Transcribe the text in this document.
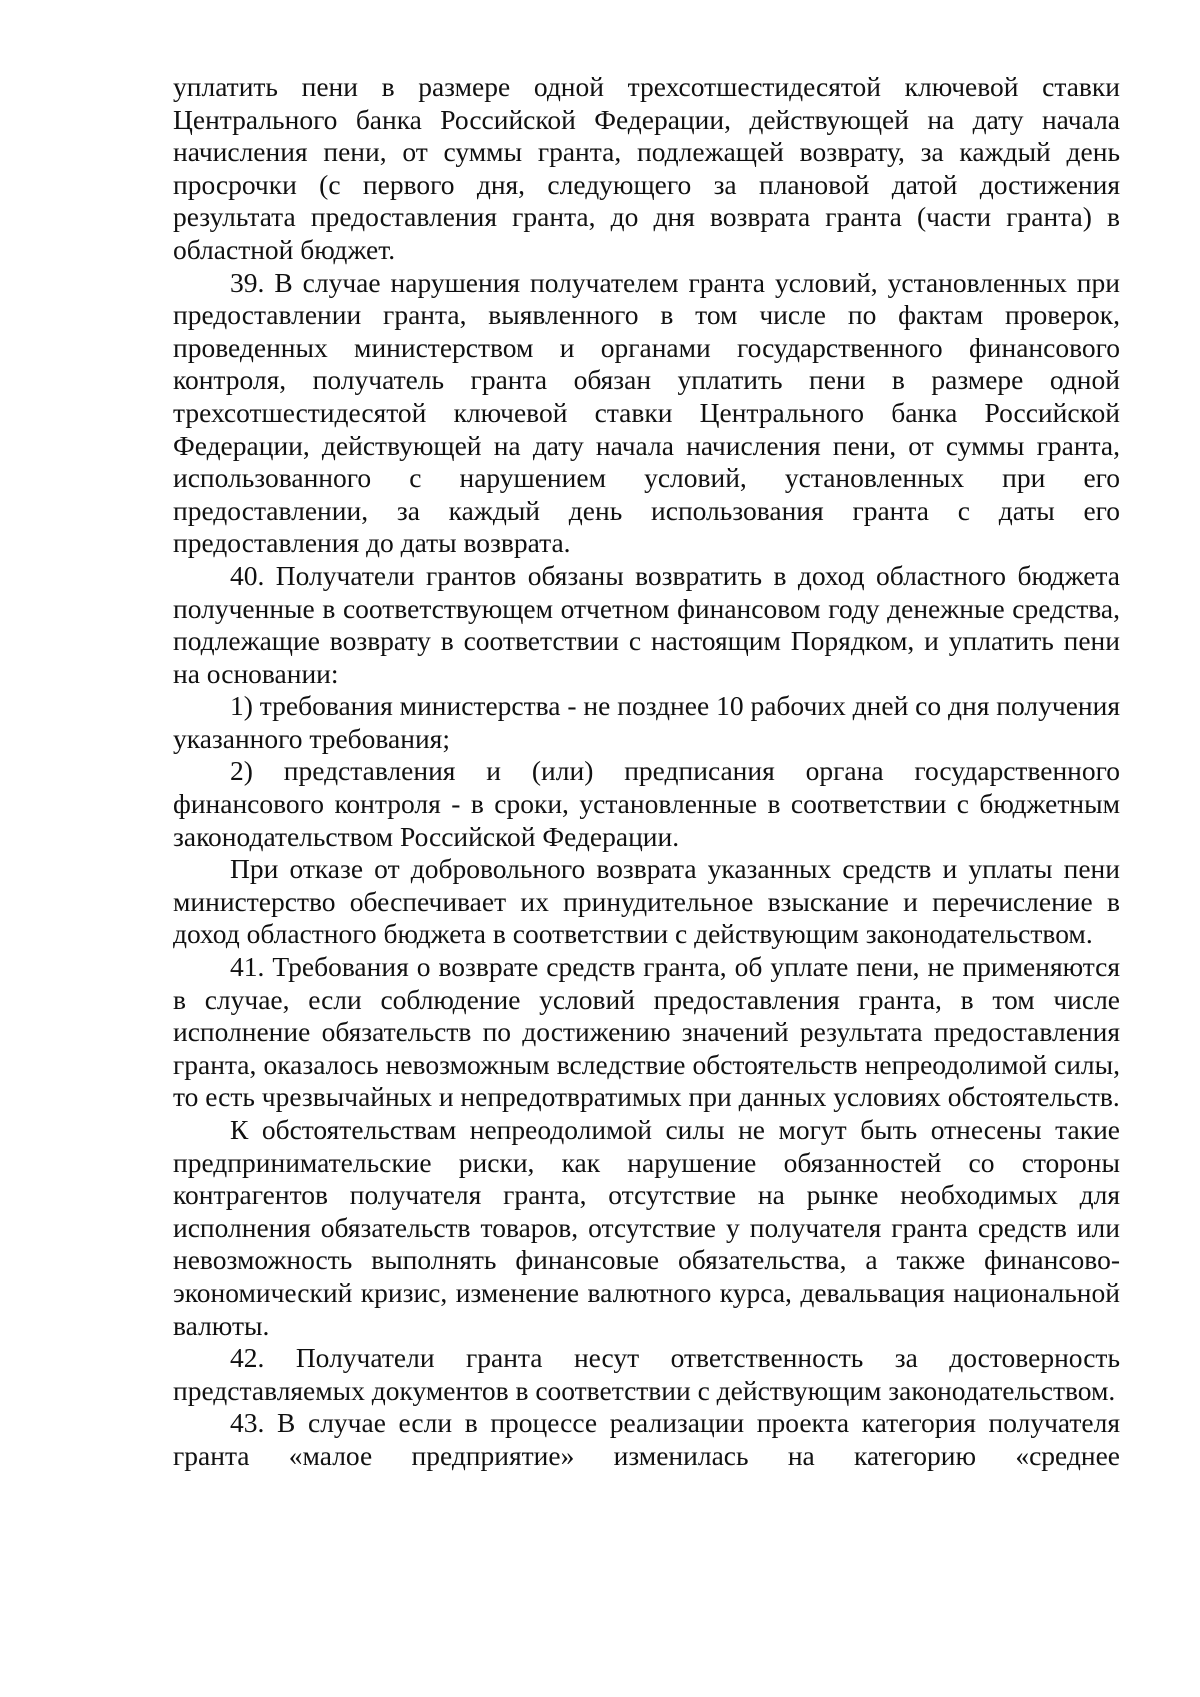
уплатить пени в размере одной трехсотшестидесятой ключевой ставки Центрального банка Российской Федерации, действующей на дату начала начисления пени, от суммы гранта, подлежащей возврату, за каждый день просрочки (с первого дня, следующего за плановой датой достижения результата предоставления гранта, до дня возврата гранта (части гранта) в областной бюджет.

39. В случае нарушения получателем гранта условий, установленных при предоставлении гранта, выявленного в том числе по фактам проверок, проведенных министерством и органами государственного финансового контроля, получатель гранта обязан уплатить пени в размере одной трехсотшестидесятой ключевой ставки Центрального банка Российской Федерации, действующей на дату начала начисления пени, от суммы гранта, использованного с нарушением условий, установленных при его предоставлении, за каждый день использования гранта с даты его предоставления до даты возврата.

40. Получатели грантов обязаны возвратить в доход областного бюджета полученные в соответствующем отчетном финансовом году денежные средства, подлежащие возврату в соответствии с настоящим Порядком, и уплатить пени на основании:

1) требования министерства - не позднее 10 рабочих дней со дня получения указанного требования;

2) представления и (или) предписания органа государственного финансового контроля - в сроки, установленные в соответствии с бюджетным законодательством Российской Федерации.

При отказе от добровольного возврата указанных средств и уплаты пени министерство обеспечивает их принудительное взыскание и перечисление в доход областного бюджета в соответствии с действующим законодательством.

41. Требования о возврате средств гранта, об уплате пени, не применяются в случае, если соблюдение условий предоставления гранта, в том числе исполнение обязательств по достижению значений результата предоставления гранта, оказалось невозможным вследствие обстоятельств непреодолимой силы, то есть чрезвычайных и непредотвратимых при данных условиях обстоятельств.

К обстоятельствам непреодолимой силы не могут быть отнесены такие предпринимательские риски, как нарушение обязанностей со стороны контрагентов получателя гранта, отсутствие на рынке необходимых для исполнения обязательств товаров, отсутствие у получателя гранта средств или невозможность выполнять финансовые обязательства, а также финансово-экономический кризис, изменение валютного курса, девальвация национальной валюты.

42. Получатели гранта несут ответственность за достоверность представляемых документов в соответствии с действующим законодательством.

43. В случае если в процессе реализации проекта категория получателя гранта «малое предприятие» изменилась на категорию «среднее
